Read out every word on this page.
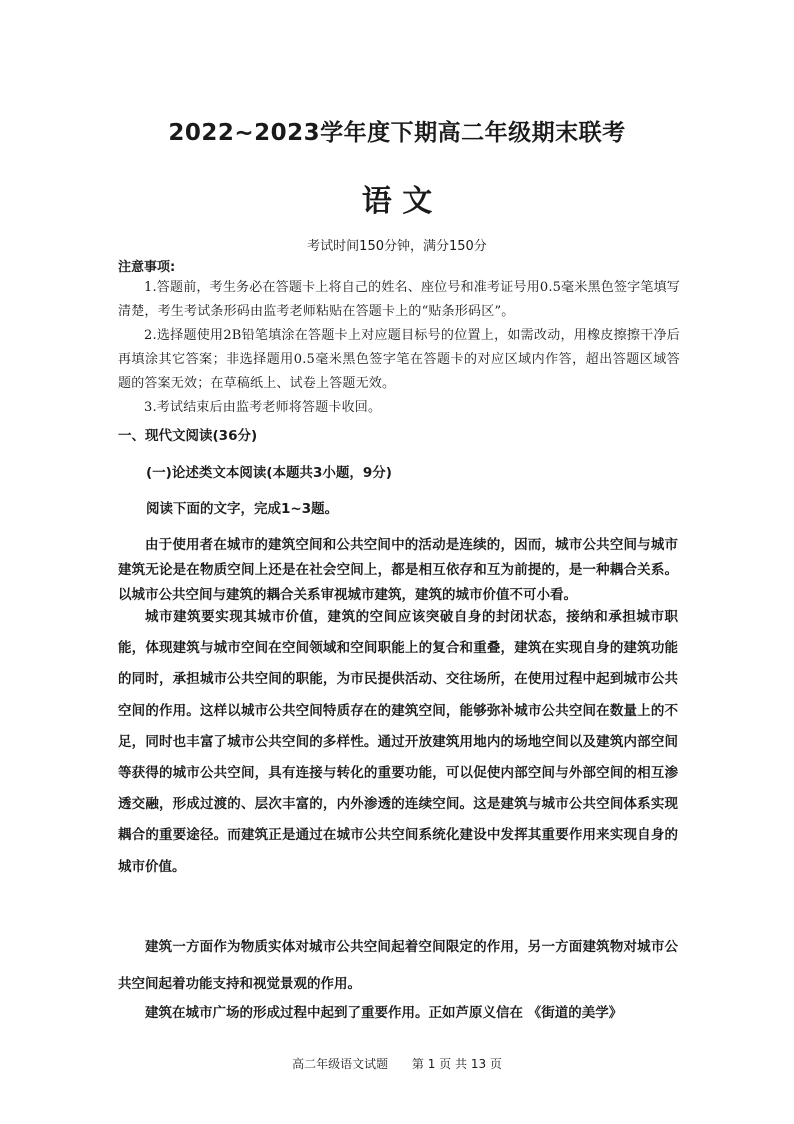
2022~2023学年度下期高二年级期末联考
语 文
考试时间150分钟，满分150分
注意事项:

1.答题前，考生务必在答题卡上将自己的姓名、座位号和准考证号用0.5毫米黑色签字笔填写清楚，考生考试条形码由监考老师粘贴在答题卡上的“贴条形码区”。

2.选择题使用2B铅笔填涂在答题卡上对应题目标号的位置上，如需改动，用橡皮擦擦干净后再填涂其它答案；非选择题用0.5毫米黑色签字笔在答题卡的对应区域内作答，超出答题区域答题的答案无效；在草稿纸上、试卷上答题无效。

3.考试结束后由监考老师将答题卡收回。

一、现代文阅读(36分)
(一)论述类文本阅读(本题共3小题，9分)
阅读下面的文字，完成1~3题。

由于使用者在城市的建筑空间和公共空间中的活动是连续的，因而，城市公共空间与城市建筑无论是在物质空间上还是在社会空间上，都是相互依存和互为前提的，是一种耦合关系。以城市公共空间与建筑的耦合关系审视城市建筑，建筑的城市价值不可小看。

城市建筑要实现其城市价值，建筑的空间应该突破自身的封闭状态，接纳和承担城市职能，体现建筑与城市空间在空间领域和空间职能上的复合和重叠，建筑在实现自身的建筑功能的同时，承担城市公共空间的职能，为市民提供活动、交往场所，在使用过程中起到城市公共空间的作用。这样以城市公共空间特质存在的建筑空间，能够弥补城市公共空间在数量上的不足，同时也丰富了城市公共空间的多样性。通过开放建筑用地内的场地空间以及建筑内部空间等获得的城市公共空间，具有连接与转化的重要功能，可以促使内部空间与外部空间的相互渗透交融，形成过渡的、层次丰富的，内外渗透的连续空间。这是建筑与城市公共空间体系实现耦合的重要途径。而建筑正是通过在城市公共空间系统化建设中发挥其重要作用来实现自身的城市价值。

建筑一方面作为物质实体对城市公共空间起着空间限定的作用，另一方面建筑物对城市公共空间起着功能支持和视觉景观的作用。

建筑在城市广场的形成过程中起到了重要作用。正如芦原义信在 《街道的美学》

高二年级语文试题 第 1 页 共 13 页
